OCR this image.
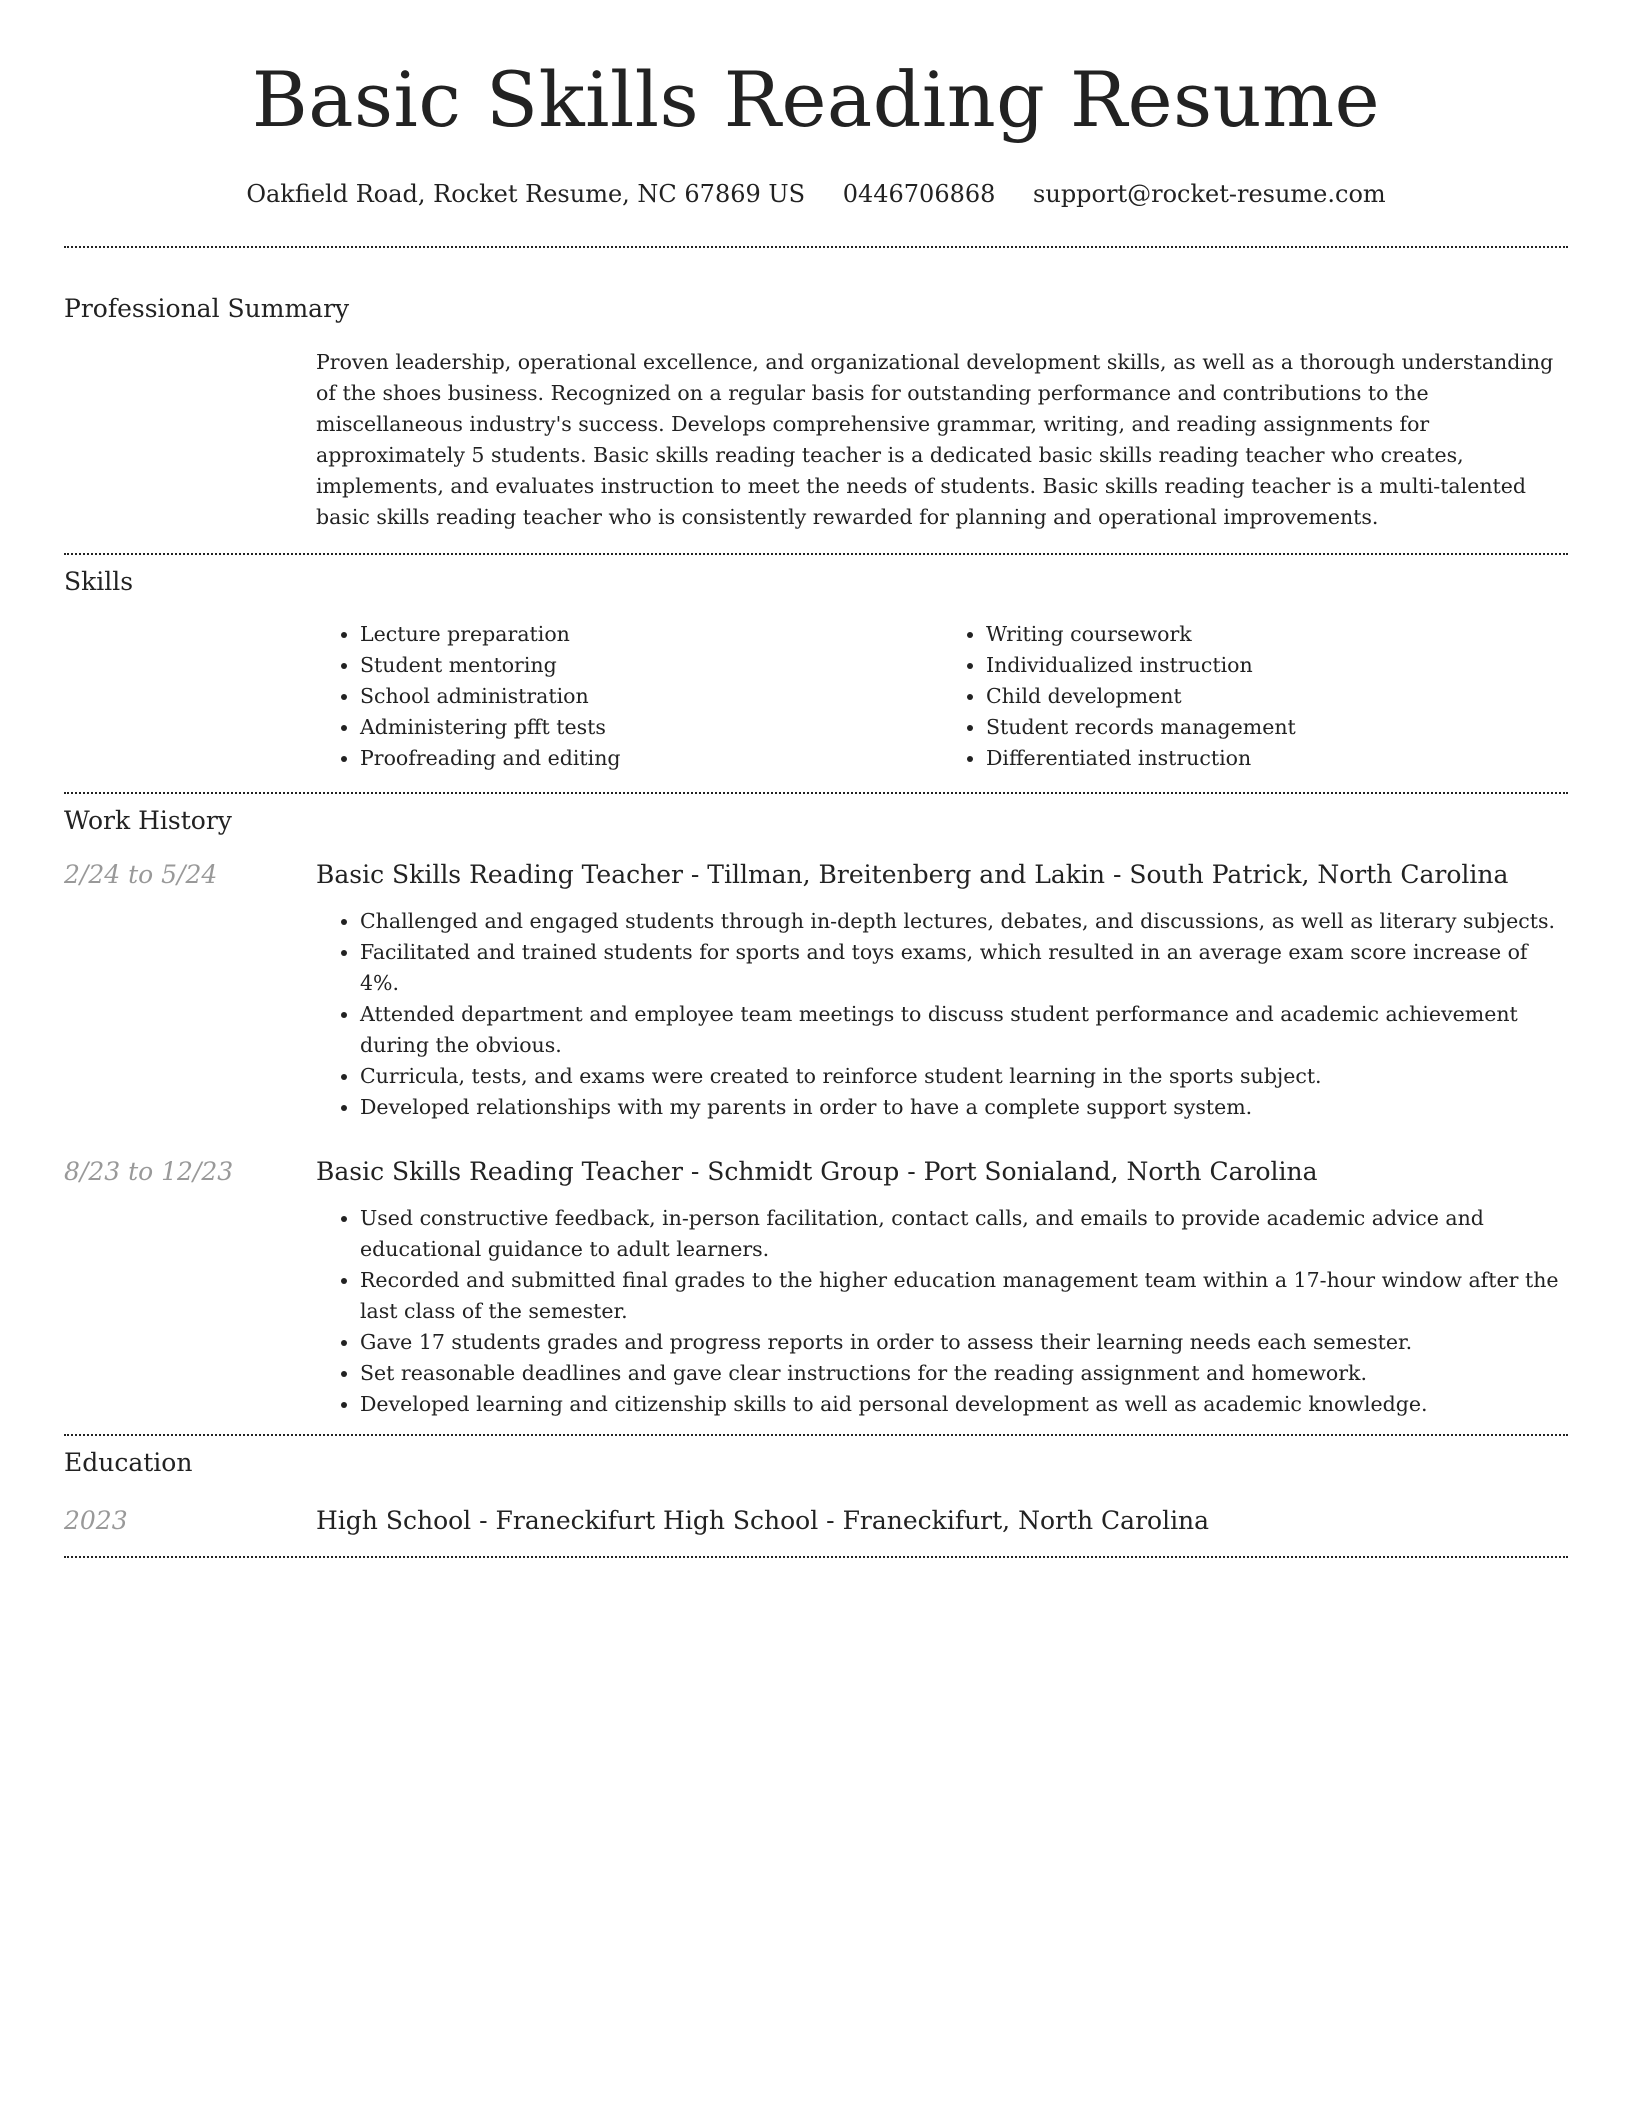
Basic Skills Reading Resume
Oakfield Road, Rocket Resume, NC 67869 US 0446706868 support@rocket-resume.com
Professional Summary

Proven leadership, operational excellence, and organizational development skills, as well as a thorough understanding of the shoes business. Recognized on a regular basis for outstanding performance and contributions to the miscellaneous industry's success. Develops comprehensive grammar, writing, and reading assignments for approximately 5 students. Basic skills reading teacher is a dedicated basic skills reading teacher who creates, implements, and evaluates instruction to meet the needs of students. Basic skills reading teacher is a multi-talented basic skills reading teacher who is consistently rewarded for planning and operational improvements.

Skills
• Lecture preparation
• Student mentoring
• School administration
• Administering pfft tests
• Proofreading and editing
• Writing coursework
• Individualized instruction
• Child development
• Student records management
• Differentiated instruction
Work History
2/24 to 5/24	Basic Skills Reading Teacher - Tillman, Breitenberg and Lakin - South Patrick, North Carolina
• Challenged and engaged students through in-depth lectures, debates, and discussions, as well as literary subjects.
• Facilitated and trained students for sports and toys exams, which resulted in an average exam score increase of 4%.
• Attended department and employee team meetings to discuss student performance and academic achievement during the obvious.
• Curricula, tests, and exams were created to reinforce student learning in the sports subject.
• Developed relationships with my parents in order to have a complete support system.
8/23 to 12/23	Basic Skills Reading Teacher - Schmidt Group - Port Sonialand, North Carolina
• Used constructive feedback, in-person facilitation, contact calls, and emails to provide academic advice and educational guidance to adult learners.
• Recorded and submitted final grades to the higher education management team within a 17-hour window after the last class of the semester.
• Gave 17 students grades and progress reports in order to assess their learning needs each semester.
• Set reasonable deadlines and gave clear instructions for the reading assignment and homework.
• Developed learning and citizenship skills to aid personal development as well as academic knowledge.
Education
2023	High School - Franeckifurt High School - Franeckifurt, North Carolina
